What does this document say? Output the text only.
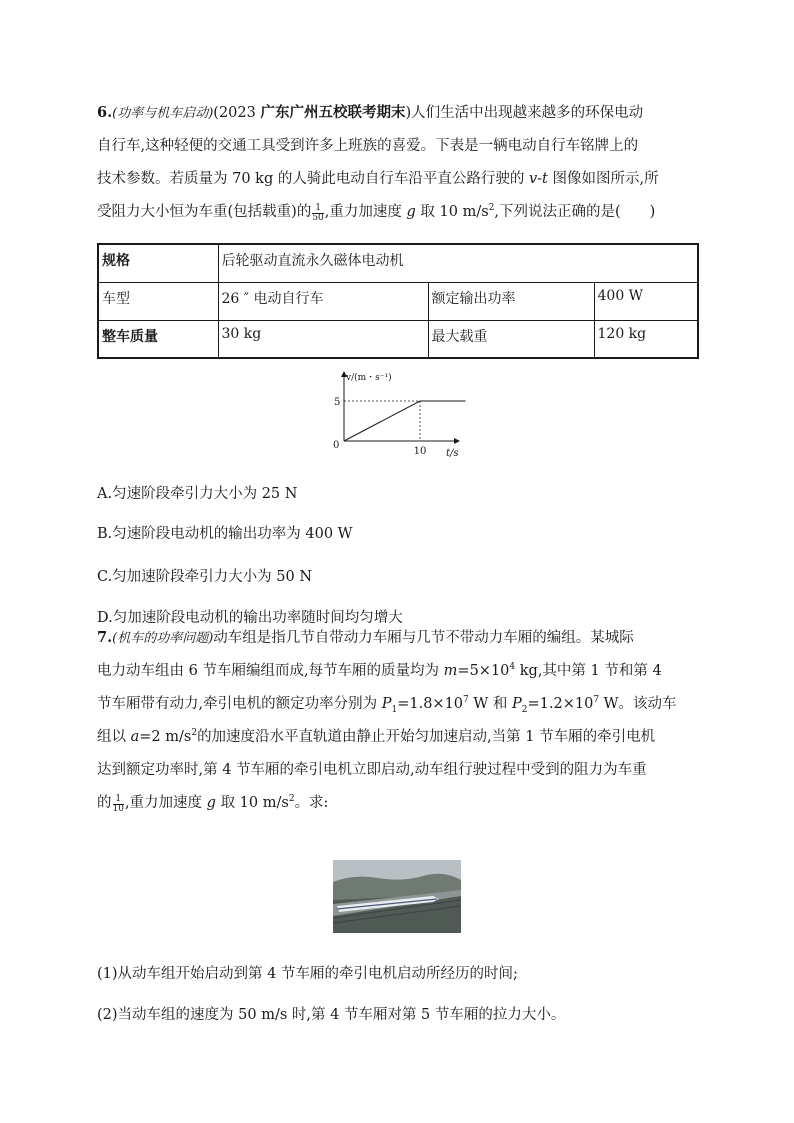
6.(功率与机车启动)(2023 广东广州五校联考期末)人们生活中出现越来越多的环保电动
自行车,这种轻便的交通工具受到许多上班族的喜爱。下表是一辆电动自行车铭牌上的
技术参数。若质量为 70 kg 的人骑此电动自行车沿平直公路行驶的 v-t 图像如图所示,所
受阻力大小恒为车重(包括载重)的 $\frac{1}{50}$ ,重力加速度 g 取 10 $m/s^2$,下列说法正确的是(　　)
规格	后轮驱动直流永久磁体电动机		
车型	26 ″ 电动自行车	额定输出功率	400 W
整车质量	30 kg	最大载重	120 kg
v/(m・s⁻¹)
t/s
0
5
10

A.匀速阶段牵引力大小为 25 N

B.匀速阶段电动机的输出功率为 400 W

C.匀加速阶段牵引力大小为 50 N

D.匀加速阶段电动机的输出功率随时间均匀增大

7.(机车的功率问题)动车组是指几节自带动力车厢与几节不带动力车厢的编组。某城际
电力动车组由 6 节车厢编组而成,每节车厢的质量均为 $m=5\times 10^4$ kg,其中第 1 节和第 4
节车厢带有动力,牵引电机的额定功率分别为 $P_1=1.8\times 10^7$ W 和 $P_2=1.2\times 10^7$ W。该动车
组以 a=2 $m/s^2$的加速度沿水平直轨道由静止开始匀加速启动,当第 1 节车厢的牵引电机
达到额定功率时,第 4 节车厢的牵引电机立即启动,动车组行驶过程中受到的阻力为车重
的 $\frac{1}{10}$ ,重力加速度 g 取 10 $m/s^2$。求:

(1)从动车组开始启动到第 4 节车厢的牵引电机启动所经历的时间;

(2)当动车组的速度为 50 m/s 时,第 4 节车厢对第 5 节车厢的拉力大小。
